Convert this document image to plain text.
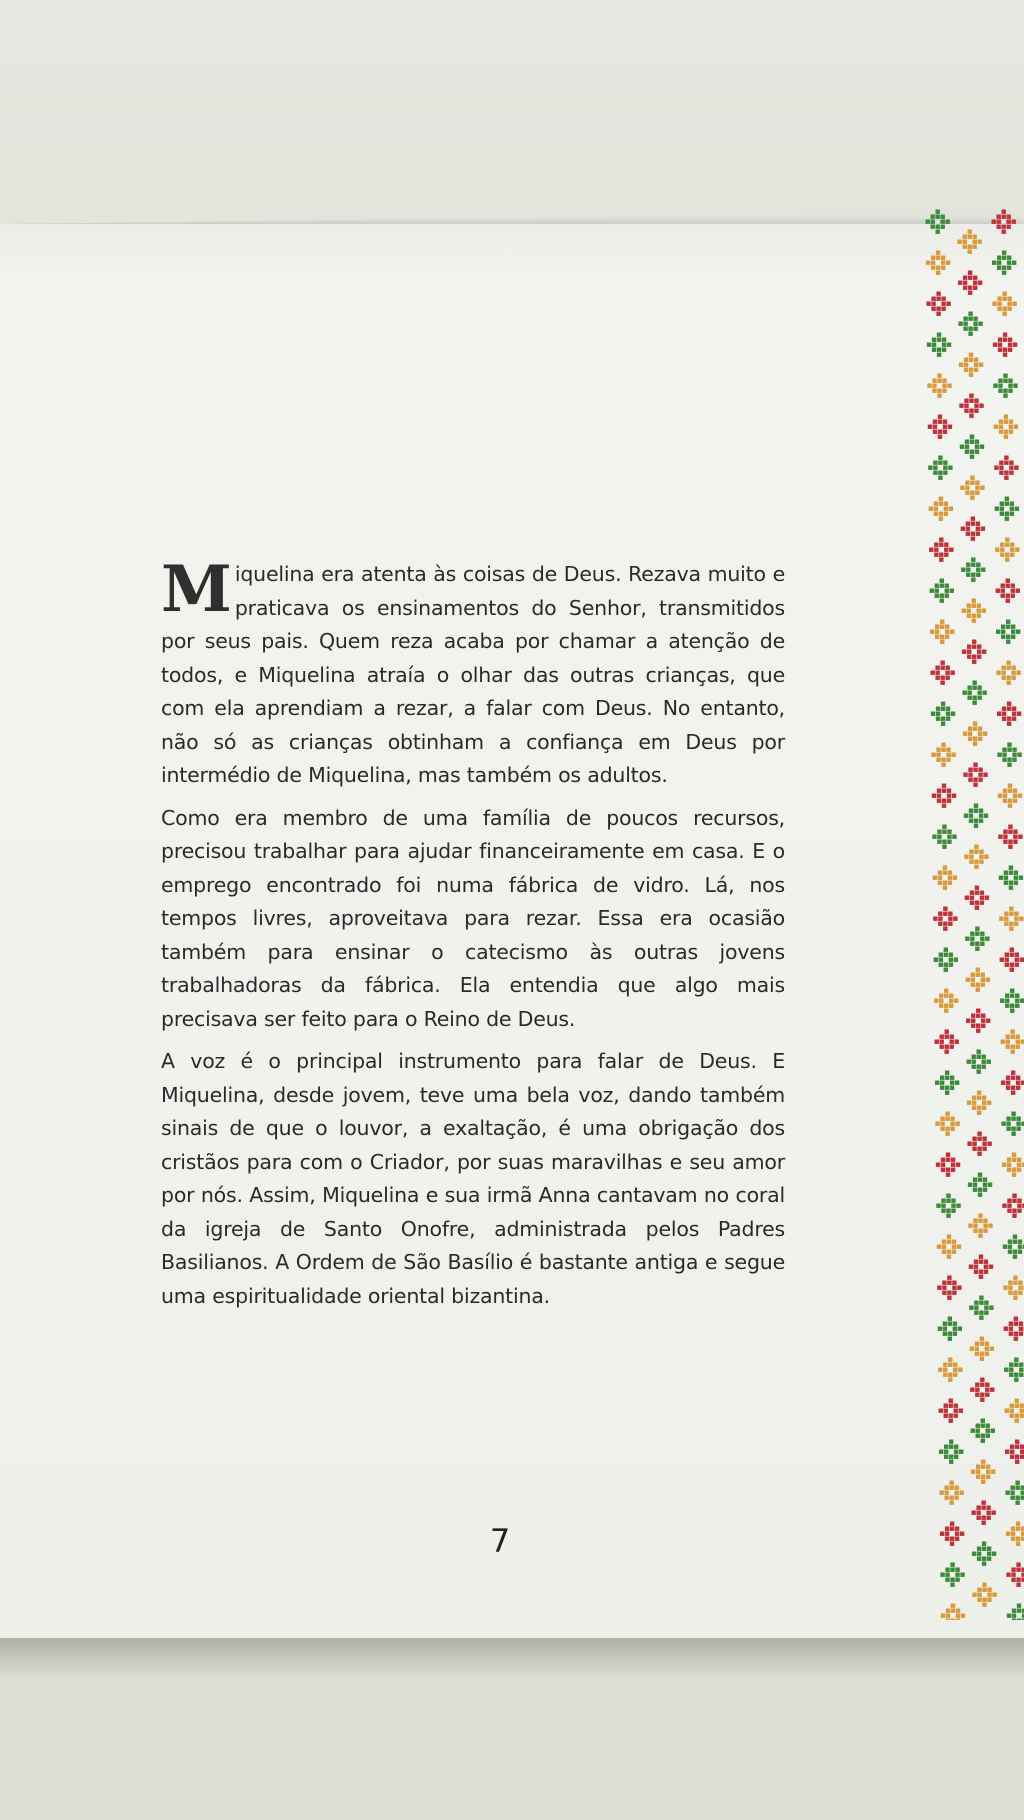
Miquelina era atenta às coisas de Deus. Rezava muito e praticava os ensinamentos do Senhor, transmitidos por seus pais. Quem reza acaba por chamar a atenção de todos, e Miquelina atraía o olhar das outras crianças, que com ela aprendiam a rezar, a falar com Deus. No entanto, não só as crianças obtinham a confiança em Deus por intermédio de Miquelina, mas também os adultos.

Como era membro de uma família de poucos recursos, precisou trabalhar para ajudar financeiramente em casa. E o emprego encontrado foi numa fábrica de vidro. Lá, nos tempos livres, aproveitava para rezar. Essa era ocasião também para ensinar o catecismo às outras jovens trabalhadoras da fábrica. Ela entendia que algo mais precisava ser feito para o Reino de Deus.

A voz é o principal instrumento para falar de Deus. E Miquelina, desde jovem, teve uma bela voz, dando também sinais de que o louvor, a exaltação, é uma obrigação dos cristãos para com o Criador, por suas maravilhas e seu amor por nós. Assim, Miquelina e sua irmã Anna cantavam no coral da igreja de Santo Onofre, administrada pelos Padres Basilianos. A Ordem de São Basílio é bastante antiga e segue uma espiritualidade oriental bizantina.

7
